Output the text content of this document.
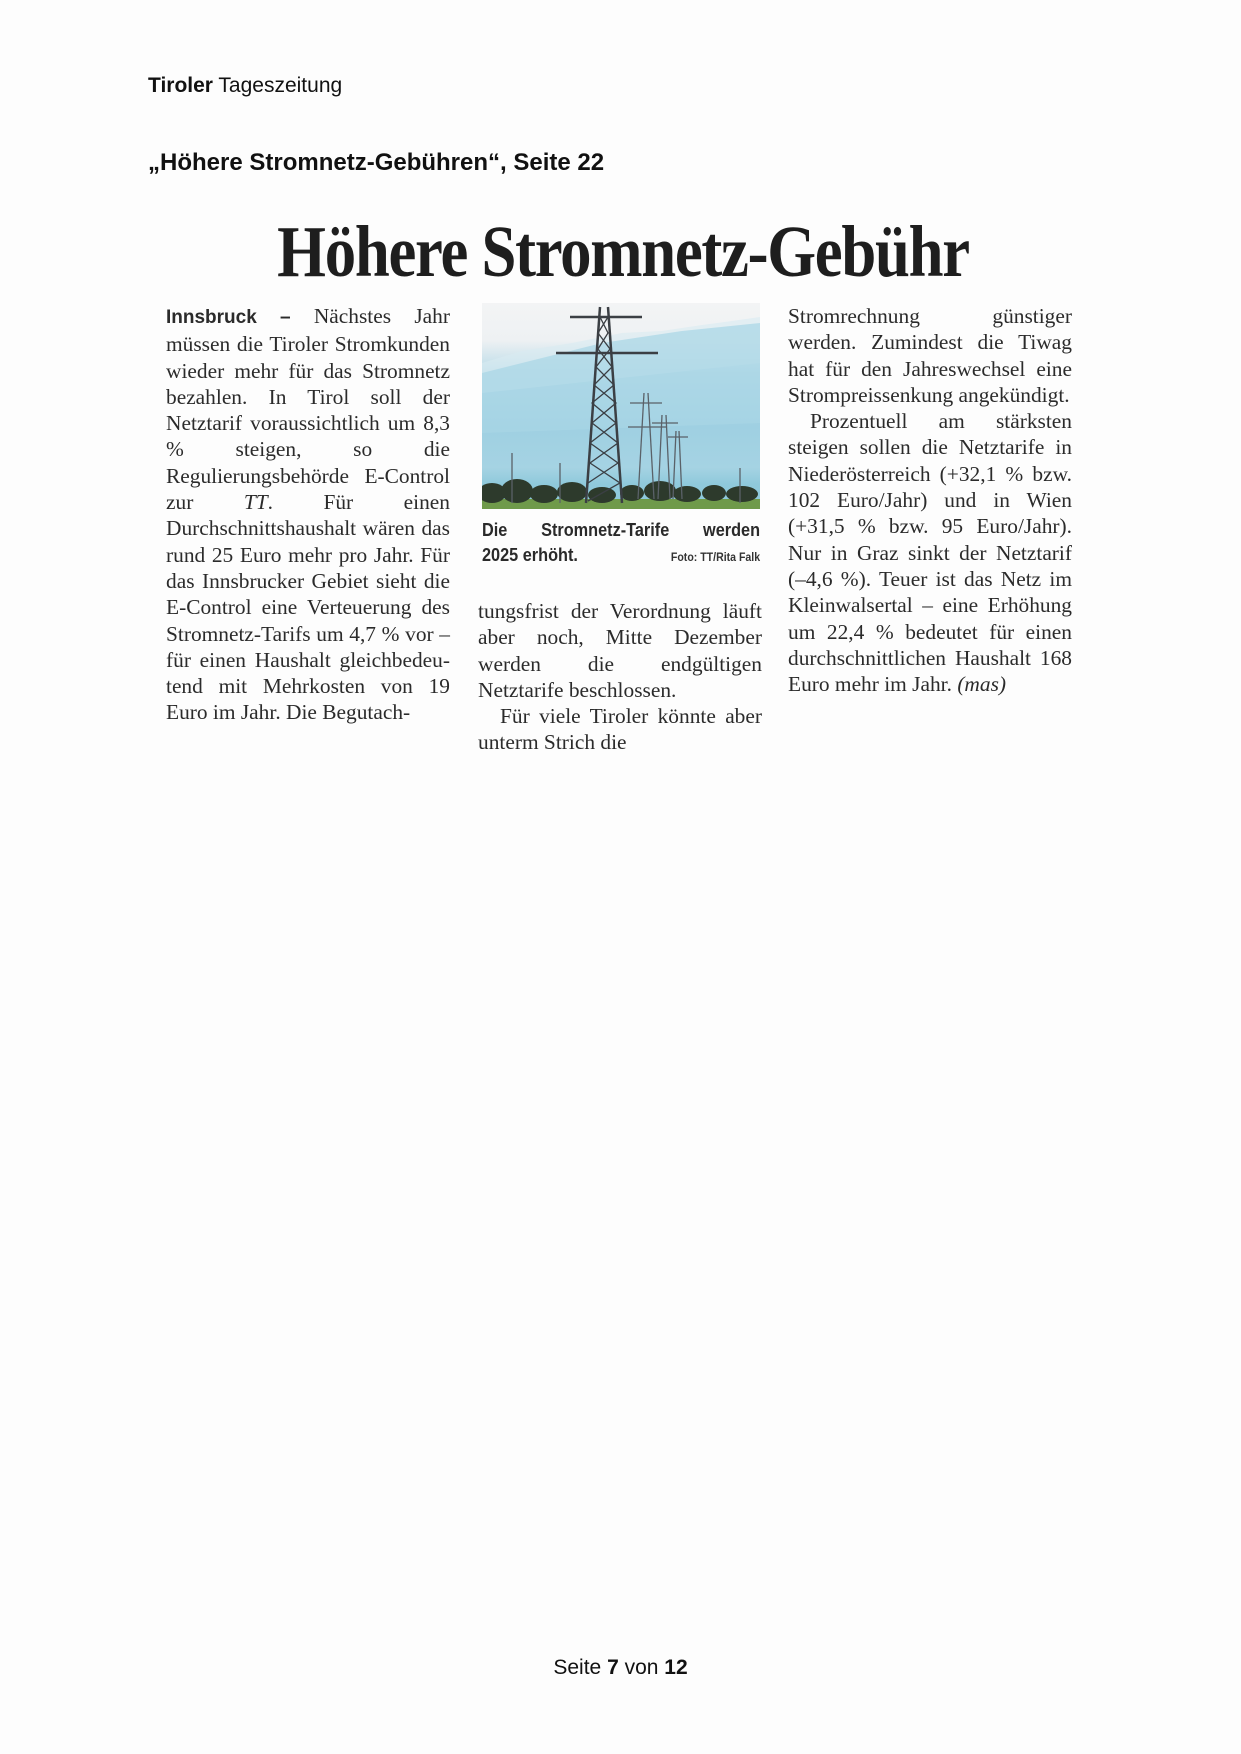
Tiroler Tageszeitung
„Höhere Stromnetz-Gebühren“, Seite 22
Höhere Stromnetz-Gebühr

Innsbruck – Nächstes Jahr müssen die Tiroler Stromkunden wieder mehr für das Stromnetz bezahlen. In Tirol soll der Netztarif voraussichtlich um 8,3 % steigen, so die Regulierungsbehörde E-Control zur TT. Für einen Durchschnittshaushalt wären das rund 25 Euro mehr pro Jahr. Für das Innsbrucker Gebiet sieht die E-Control eine Verteuerung des Stromnetz-Tarifs um 4,7 % vor – für einen Haushalt gleichbedeutend mit Mehrkosten von 19 Euro im Jahr. Die Begutach-

Die Stromnetz-Tarife werden
2025 erhöht.	Foto: TT/Rita Falk

tungsfrist der Verordnung läuft aber noch, Mitte Dezember werden die endgültigen Netztarife beschlossen.

Für viele Tiroler könnte aber unterm Strich die

Stromrechnung günstiger werden. Zumindest die Tiwag hat für den Jahreswechsel eine Strompreissenkung angekündigt.

Prozentuell am stärksten steigen sollen die Netztarife in Niederösterreich (+32,1 % bzw. 102 Euro/Jahr) und in Wien (+31,5 % bzw. 95 Euro/Jahr). Nur in Graz sinkt der Netztarif (–4,6 %). Teuer ist das Netz im Kleinwalsertal – eine Erhöhung um 22,4 % bedeutet für einen durchschnittlichen Haushalt 168 Euro mehr im Jahr. (mas)

Seite 7 von 12
